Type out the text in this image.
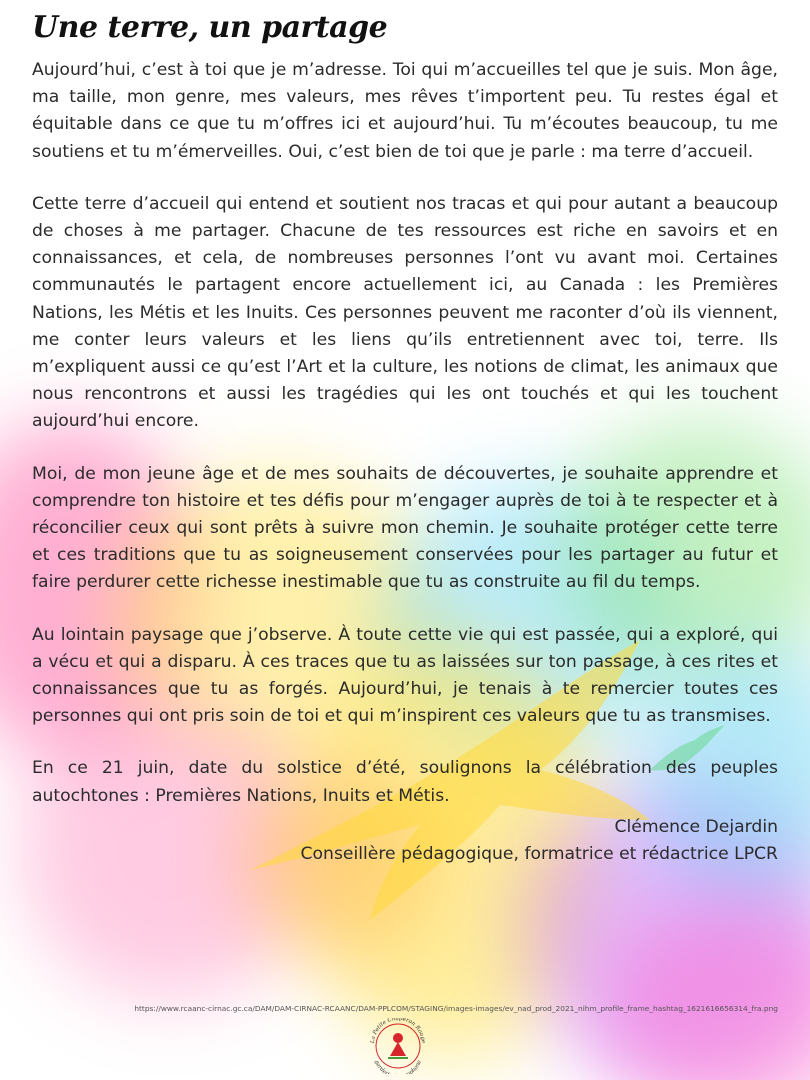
Une terre, un partage

Aujourd’hui, c’est à toi que je m’adresse. Toi qui m’accueilles tel que je suis. Mon âge, ma taille, mon genre, mes valeurs, mes rêves t’importent peu. Tu restes égal et équitable dans ce que tu m’offres ici et aujourd’hui. Tu m’écoutes beaucoup, tu me soutiens et tu m’émerveilles. Oui, c’est bien de toi que je parle : ma terre d’accueil.

Cette terre d’accueil qui entend et soutient nos tracas et qui pour autant a beaucoup de choses à me partager. Chacune de tes ressources est riche en savoirs et en connaissances, et cela, de nombreuses personnes l’ont vu avant moi. Certaines communautés le partagent encore actuellement ici, au Canada : les Premières Nations, les Métis et les Inuits. Ces personnes peuvent me raconter d’où ils viennent, me conter leurs valeurs et les liens qu’ils entretiennent avec toi, terre. Ils m’expliquent aussi ce qu’est l’Art et la culture, les notions de climat, les animaux que nous rencontrons et aussi les tragédies qui les ont touchés et qui les touchent aujourd’hui encore.

Moi, de mon jeune âge et de mes souhaits de découvertes, je souhaite apprendre et comprendre ton histoire et tes défis pour m’engager auprès de toi à te respecter et à réconcilier ceux qui sont prêts à suivre mon chemin. Je souhaite protéger cette terre et ces traditions que tu as soigneusement conservées pour les partager au futur et faire perdurer cette richesse inestimable que tu as construite au fil du temps.

Au lointain paysage que j’observe. À toute cette vie qui est passée, qui a exploré, qui a vécu et qui a disparu. À ces traces que tu as laissées sur ton passage, à ces rites et connaissances que tu as forgés. Aujourd’hui, je tenais à te remercier toutes ces personnes qui ont pris soin de toi et qui m’inspirent ces valeurs que tu as transmises.

En ce 21 juin, date du solstice d’été, soulignons la célébration des peuples autochtones : Premières Nations, Inuits et Métis.

Clémence Dejardin
Conseillère pédagogique, formatrice et rédactrice LPCR
https://www.rcaanc-cirnac.gc.ca/DAM/DAM-CIRNAC-RCAANC/DAM-PPLCOM/STAGING/images-images/ev_nad_prod_2021_nihm_profile_frame_hashtag_1621616656314_fra.png
La Petite Chaperon Rouge
garder phone
